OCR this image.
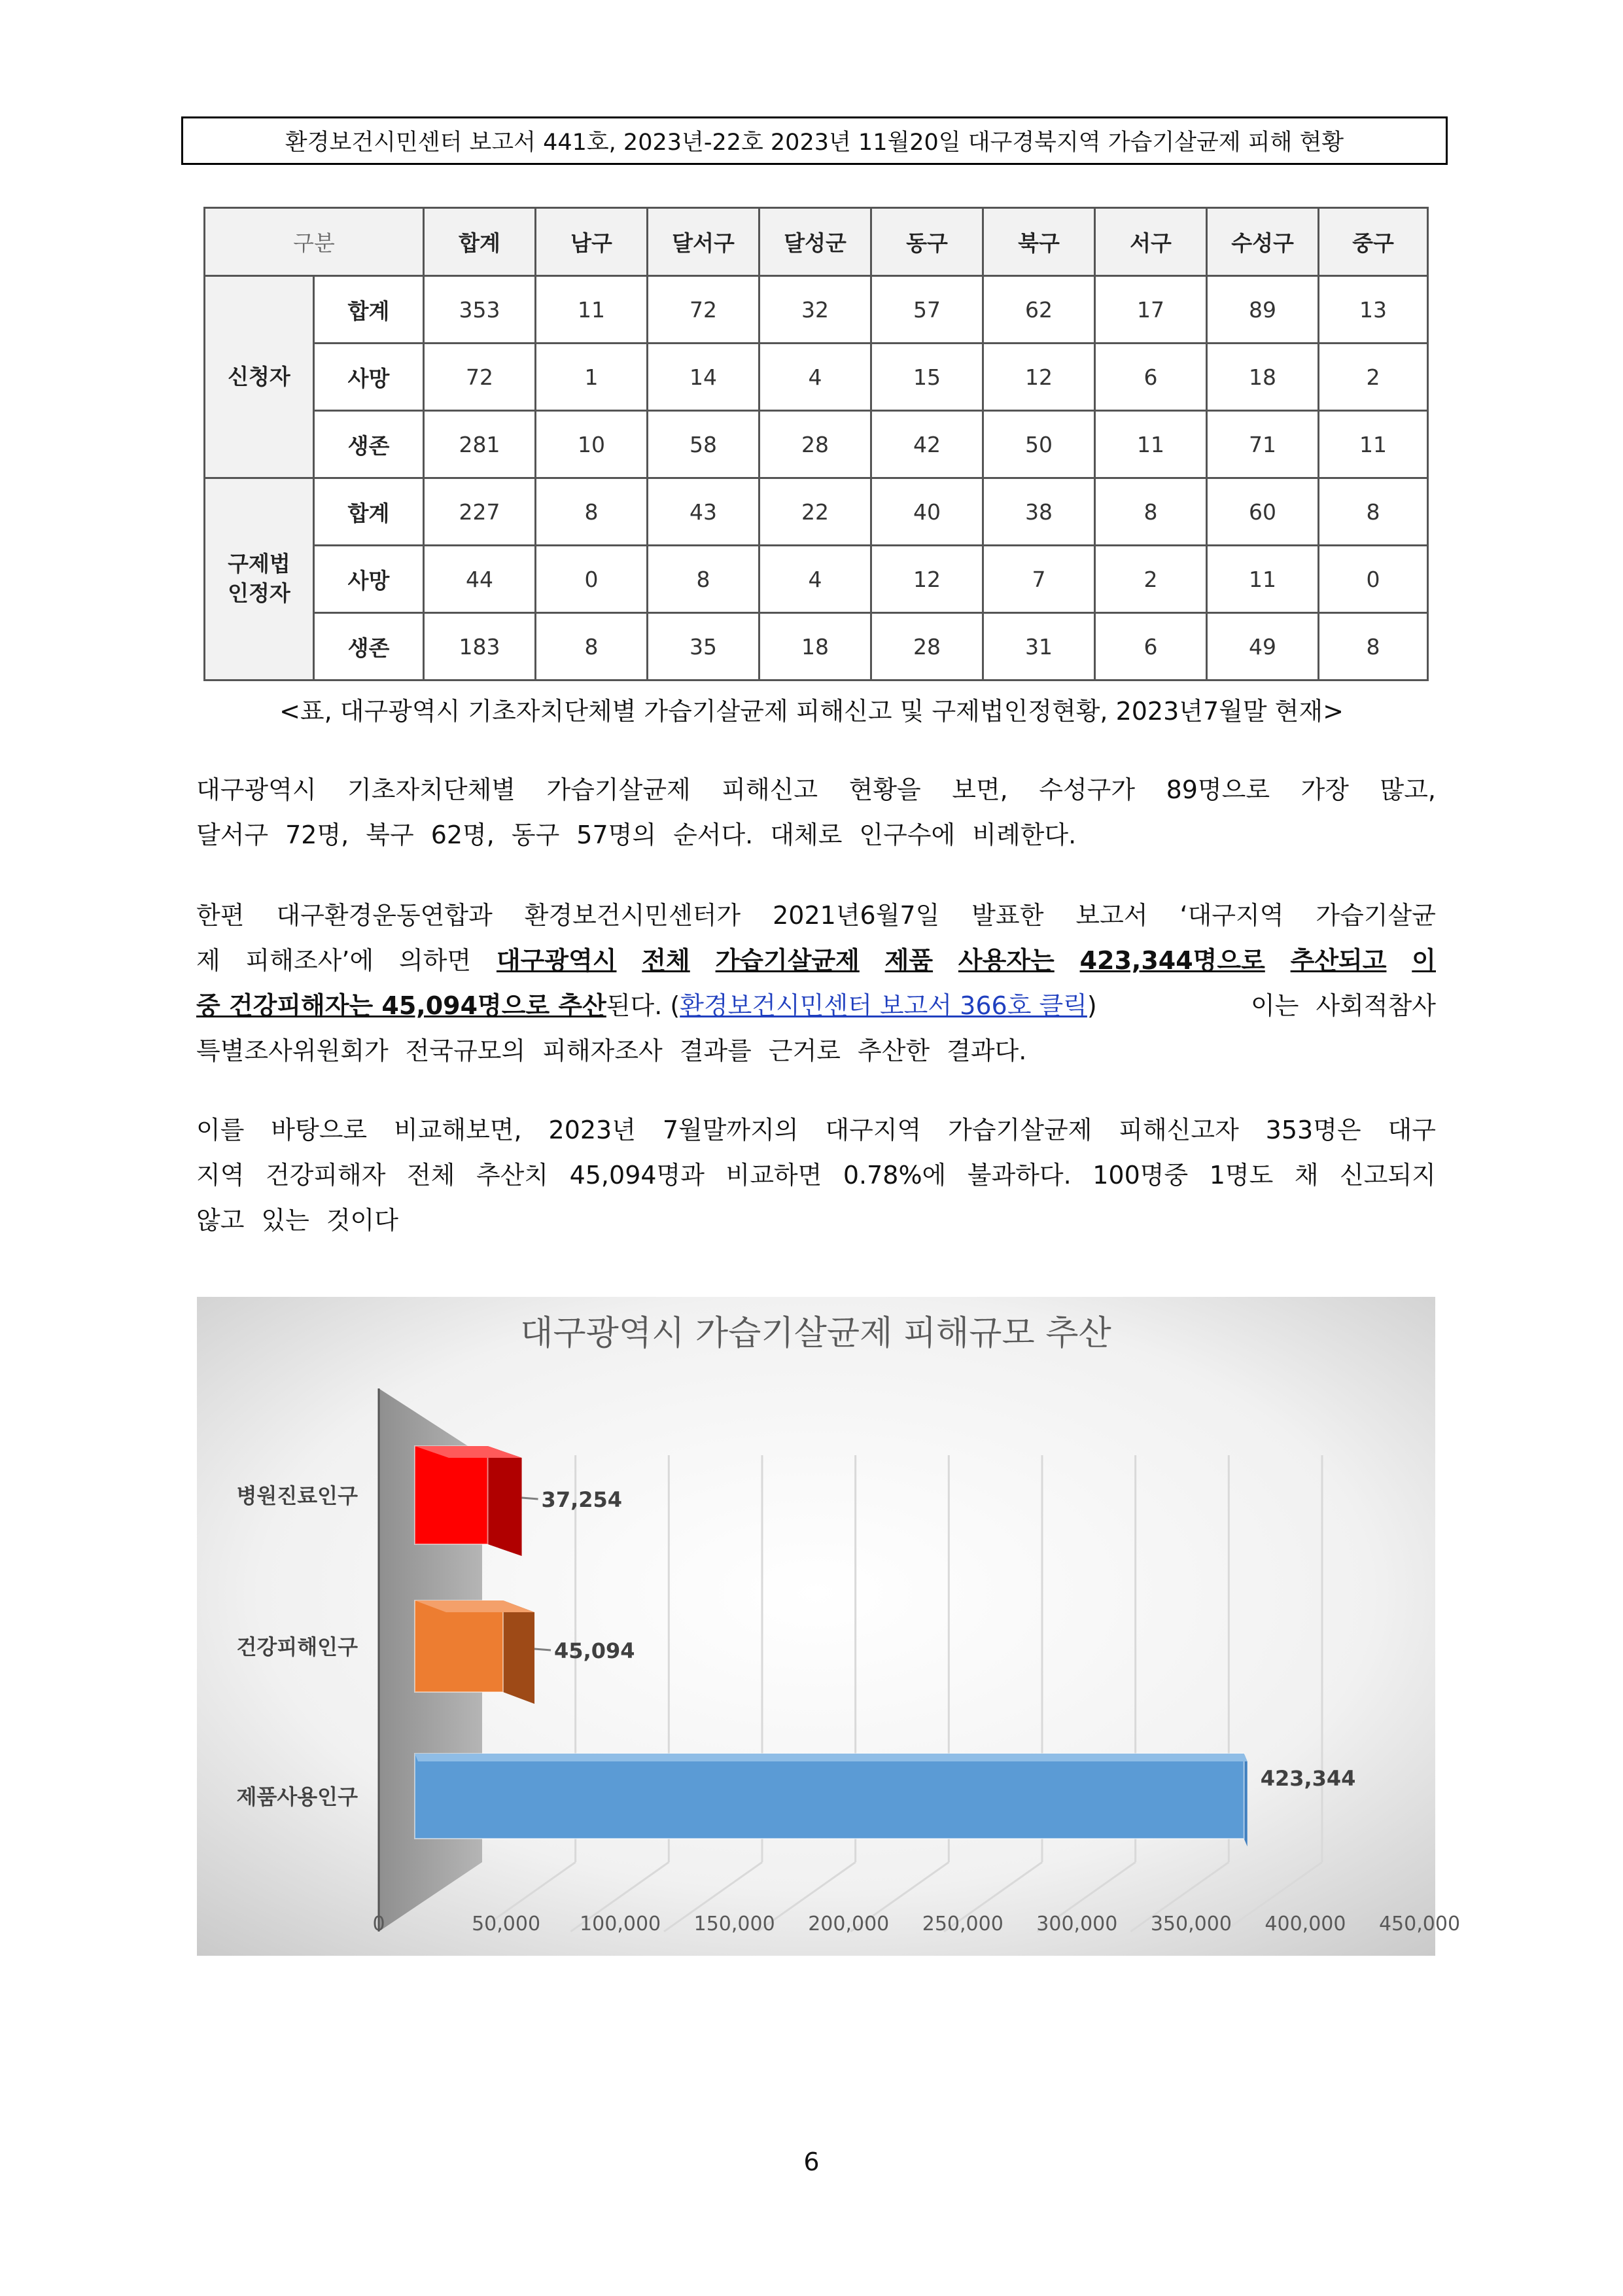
환경보건시민센터 보고서 441호, 2023년-22호 2023년 11월20일 대구경북지역 가습기살균제 피해 현황
구분		합계	남구	달서구	달성군	동구	북구	서구	수성구	중구
신청자	합계	353	11	72	32	57	62	17	89	13
	사망	72	1	14	4	15	12	6	18	2
	생존	281	10	58	28	42	50	11	71	11

구제법
인정자	합계	227	8	43	22	40	38	8	60	8
	사망	44	0	8	4	12	7	2	11	0
	생존	183	8	35	18	28	31	6	49	8
<표, 대구광역시 기초자치단체별 가습기살균제 피해신고 및 구제법인정현황, 2023년7월말 현재>
대구광역시 기초자치단체별 가습기살균제 피해신고 현황을 보면, 수성구가 89명으로 가장 많고,
달서구 72명, 북구 62명, 동구 57명의 순서다. 대체로 인구수에 비례한다.
한편 대구환경운동연합과 환경보건시민센터가 2021년6월7일 발표한 보고서 ‘대구지역 가습기살균
제 피해조사’에 의하면 대구광역시 전체 가습기살균제 제품 사용자는 423,344명으로 추산되고 이
중 건강피해자는 45,094명으로 추산된다. (환경보건시민센터 보고서 366호 클릭)	이는 사회적참사
특별조사위원회가 전국규모의 피해자조사 결과를 근거로 추산한 결과다.
이를 바탕으로 비교해보면, 2023년 7월말까지의 대구지역 가습기살균제 피해신고자 353명은 대구
지역 건강피해자 전체 추산치 45,094명과 비교하면 0.78%에 불과하다. 100명중 1명도 채 신고되지
않고 있는 것이다
대구광역시 가습기살균제 피해규모 추산
병원진료인구	37,254
건강피해인구	45,094
제품사용인구
423,344
0	50,000 100,000 150,000 200,000 250,000 300,000 350,000 400,000 450,000
6
